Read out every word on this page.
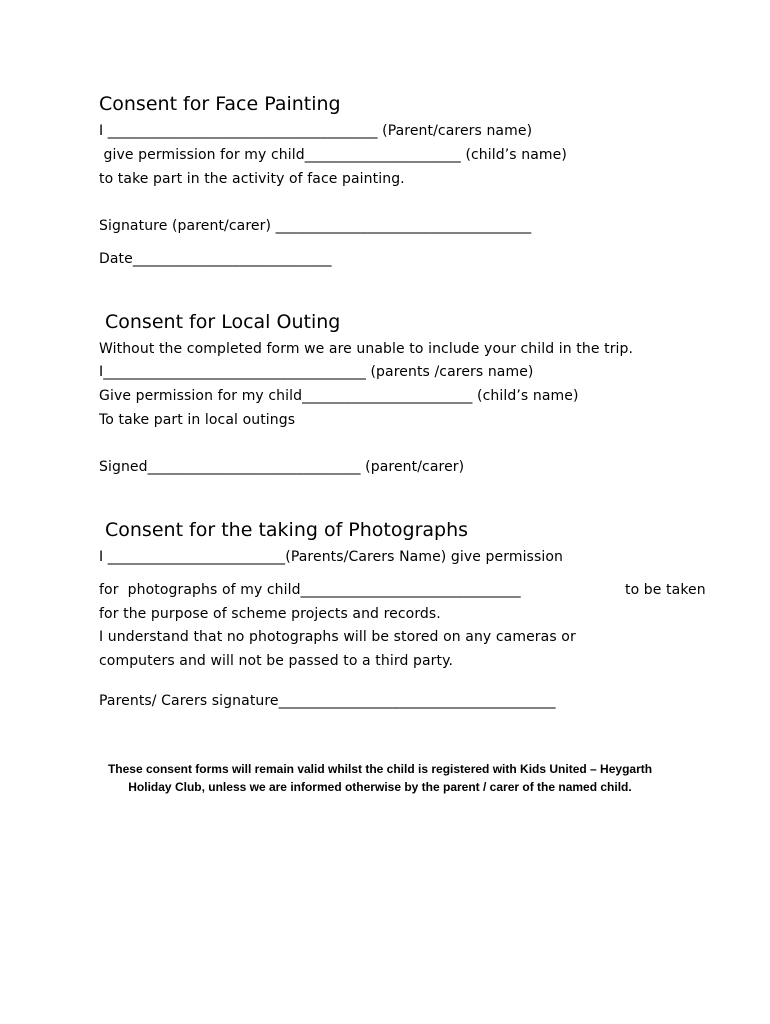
Consent for Face Painting
I ______________________________________ (Parent/carers name)
give permission for my child______________________ (child’s name)
to take part in the activity of face painting.
Signature (parent/carer) ____________________________________
Date____________________________
Consent for Local Outing
Without the completed form we are unable to include your child in the trip.
I_____________________________________ (parents /carers name)
Give permission for my child________________________ (child’s name)
To take part in local outings
Signed______________________________ (parent/carer)
Consent for the taking of Photographs
I _________________________(Parents/Carers Name) give permission
for  photographs of my child_______________________________	to be taken
for the purpose of scheme projects and records.
I understand that no photographs will be stored on any cameras or
computers and will not be passed to a third party.
Parents/ Carers signature_______________________________________
These consent forms will remain valid whilst the child is registered with Kids United – Heygarth
Holiday Club, unless we are informed otherwise by the parent / carer of the named child.
